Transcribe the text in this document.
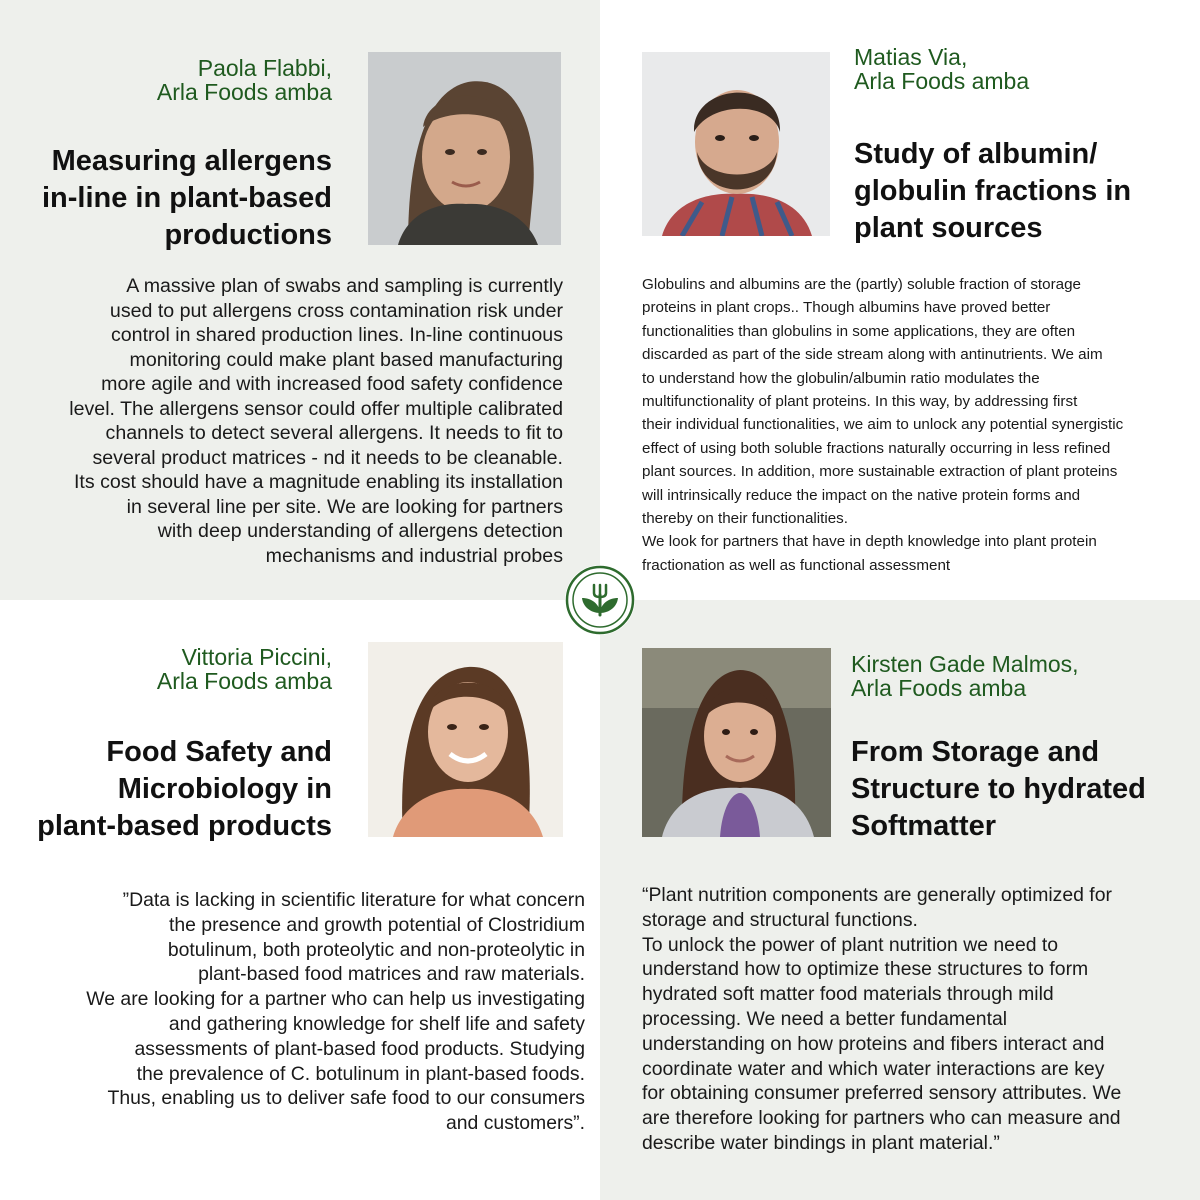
Paola Flabbi,
Arla Foods amba

Measuring allergens
in-line in plant-based
productions

A massive plan of swabs and sampling is currently
used to put allergens cross contamination risk under
control in shared production lines. In-line continuous
monitoring could make plant based manufacturing
more agile and with increased food safety confidence
level. The allergens sensor could offer multiple calibrated
channels to detect several allergens. It needs to fit to
several product matrices - nd it needs to be cleanable.
Its cost should have a magnitude enabling its installation
in several line per site. We are looking for partners
with deep understanding of allergens detection
mechanisms and industrial probes

Matias Via,
Arla Foods amba

Study of albumin/
globulin fractions in
plant sources

Globulins and albumins are the (partly) soluble fraction of storage
proteins in plant crops.. Though albumins have proved better
functionalities than globulins in some applications, they are often
discarded as part of the side stream along with antinutrients. We aim
to understand how the globulin/albumin ratio modulates the
multifunctionality of plant proteins. In this way, by addressing first
their individual functionalities, we aim to unlock any potential synergistic
effect of using both soluble fractions naturally occurring in less refined
plant sources. In addition, more sustainable extraction of plant proteins
will intrinsically reduce the impact on the native protein forms and
thereby on their functionalities.
We look for partners that have in depth knowledge into plant protein
fractionation as well as functional assessment

Vittoria Piccini,
Arla Foods amba

Food Safety and
Microbiology in
plant-based products

”Data is lacking in scientific literature for what concern
the presence and growth potential of Clostridium
botulinum, both proteolytic and non-proteolytic in
plant-based food matrices and raw materials.
We are looking for a partner who can help us investigating
and gathering knowledge for shelf life and safety
assessments of plant-based food products. Studying
the prevalence of C. botulinum in plant-based foods.
Thus, enabling us to deliver safe food to our consumers
and customers”.

Kirsten Gade Malmos,
Arla Foods amba

From Storage and
Structure to hydrated
Softmatter

“Plant nutrition components are generally optimized for
storage and structural functions.
To unlock the power of plant nutrition we need to
understand how to optimize these structures to form
hydrated soft matter food materials through mild
processing. We need a better fundamental
understanding on how proteins and fibers interact and
coordinate water and which water interactions are key
for obtaining consumer preferred sensory attributes. We
are therefore looking for partners who can measure and
describe water bindings in plant material.”
